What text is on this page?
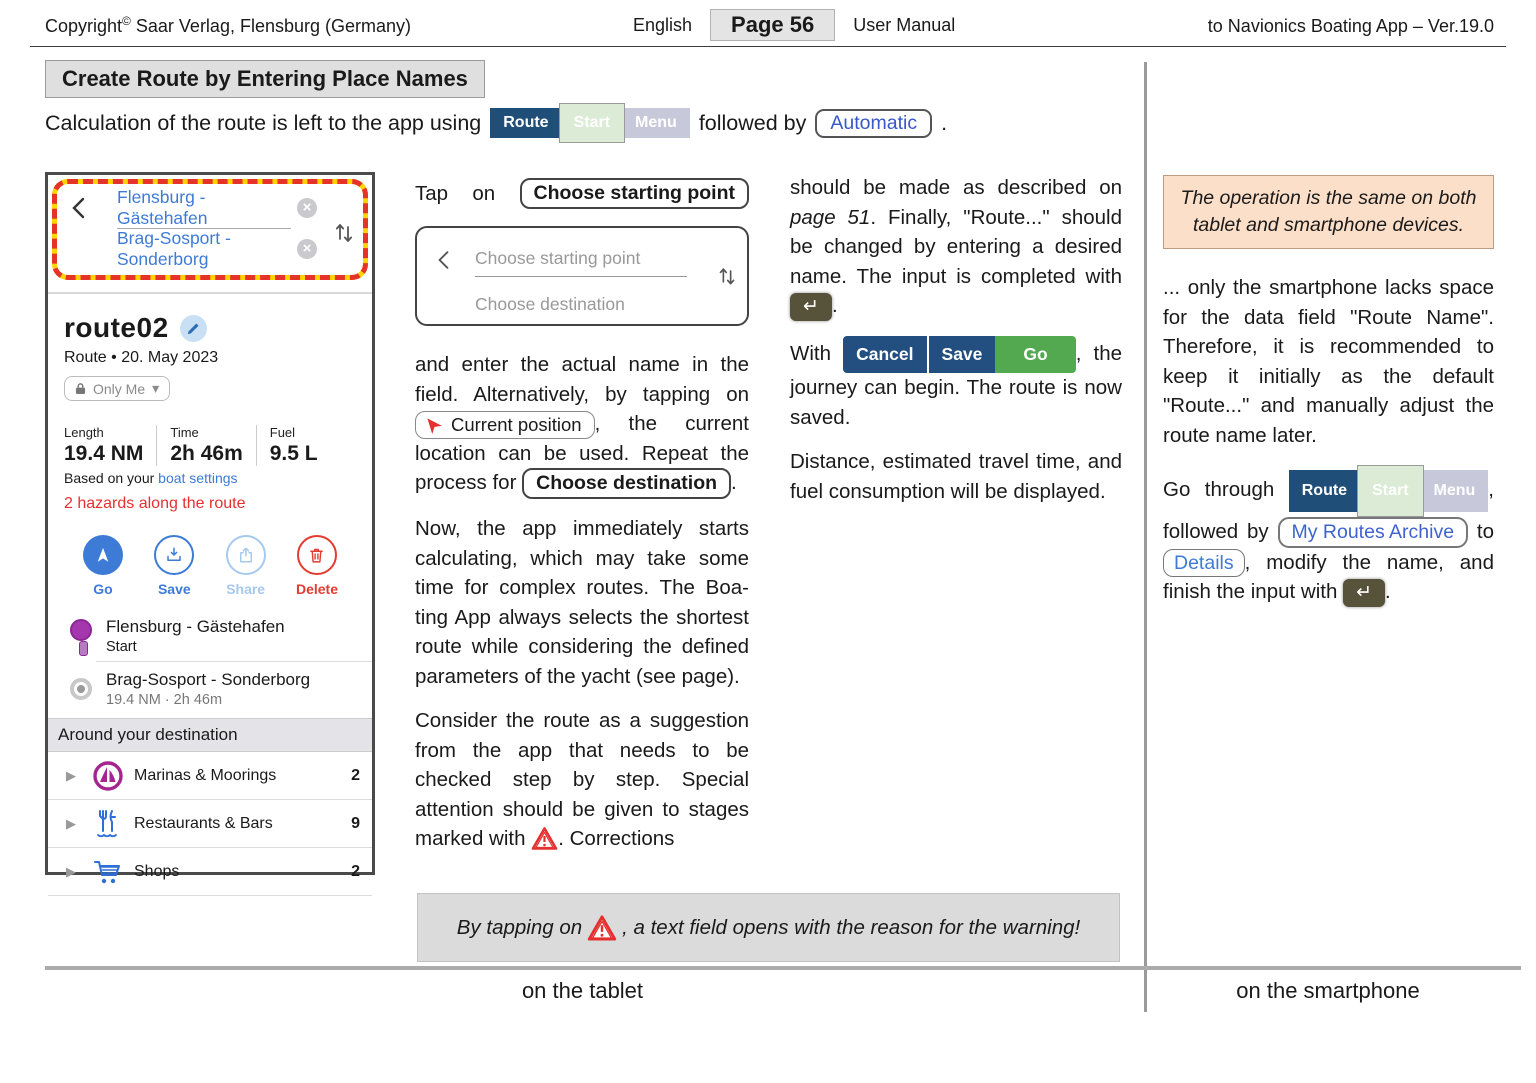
Copyright© Saar Verlag, Flensburg (Germany)	English	Page 56	User Manual	to Navionics Boating App – Ver.19.0
Create Route by Entering Place Names
Calculation of the route is left to the app using	Route	Start	Menu	followed by	Automatic	.
Flensburg - Gästehafen
×
Brag-Sosport - Sonderborg
×
route02
Route • 20. May 2023
Only Me ▾
Length
19.4 NM
Time
2h 46m
Fuel
9.5 L
Based on your boat settings
2 hazards along the route
Go	Save	Share Delete
Flensburg - Gästehafen
Start
Brag-Sosport - Sonderborg
19.4 NM · 2h 46m
Around your destination
▶	Marinas & Moorings	2
▶	Restaurants & Bars	9
▶	Shops	2
Tap on	Choose starting point
Choose starting point
Choose destination
and enter the actual name in the field. Alternatively, by tapping on
Current position , the current location can be used. Repeat the process for Choose destination .
Now, the app immediately starts calculating, which may take some time for complex routes. The Boating App always selects the shortest route while considering the defined parameters of the yacht (see page).
Consider the route as a suggestion from the app that needs to be checked step by step. Special attention should be given to stages marked with
. Corrections
should be made as described on page 51. Finally, "Route..." should be changed by entering a desired name. The input is completed with ↵ .
With Cancel	Save	Go	, the journey can begin. The route is now saved.
Distance, estimated travel time, and fuel consumption will be displayed.
The operation is the same on both tablet and smartphone devices.
... only the smartphone lacks space for the data field "Route Name". Therefore, it is recommended to keep it initially as the default "Route..." and manually adjust the route name later.
Go through Route	Start	Menu , followed by My Routes Archive to Details , modify the name, and finish the input with ↵ .
By tapping on , a text field opens with the reason for the warning!
on the tablet	on the smartphone
